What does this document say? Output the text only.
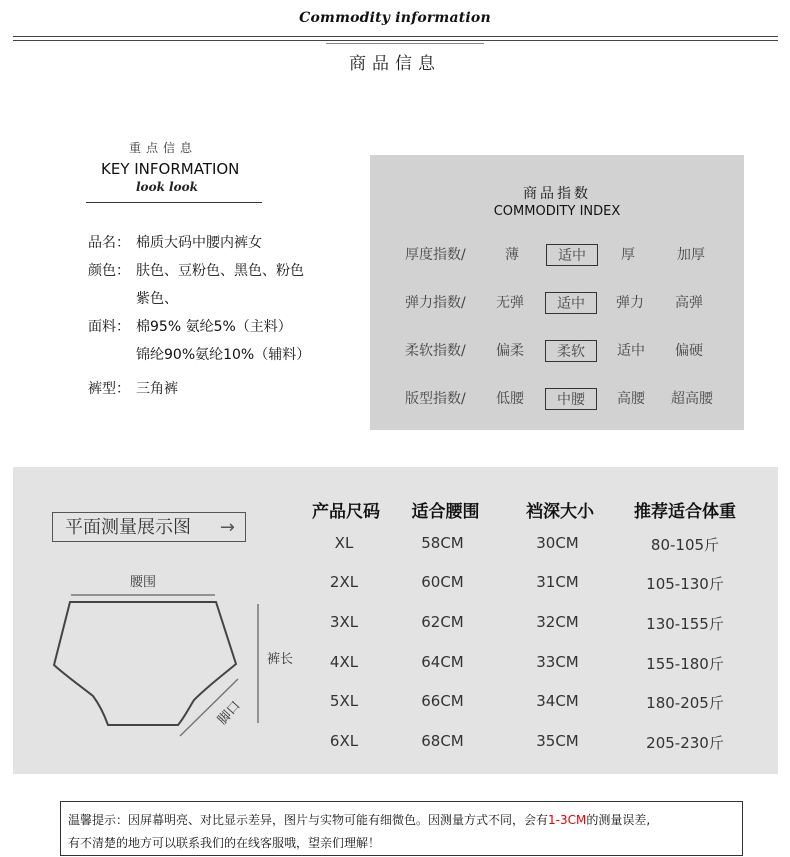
Commodity information
商品信息
重点信息
KEY INFORMATION
look look
品名： 棉质大码中腰内裤女
颜色： 肤色、豆粉色、黑色、粉色
紫色、
面料： 棉95% 氨纶5%（主料）
锦纶90%氨纶10%（辅料）
裤型： 三角裤
商品指数
COMMODITY INDEX
厚度指数/	薄	适中	厚	加厚
弹力指数/	无弹	适中	弹力	高弹
柔软指数/	偏柔	柔软	适中	偏硬
版型指数/	低腰	中腰	高腰	超高腰
平面测量展示图 →
腰围
裤长
脚口
产品尺码	适合腰围	裆深大小	推荐适合体重
XL	58CM	30CM	80-105斤
2XL	60CM	31CM	105-130斤
3XL	62CM	32CM	130-155斤
4XL	64CM	33CM	155-180斤
5XL	66CM	34CM	180-205斤
6XL	68CM	35CM	205-230斤
温馨提示：因屏幕明亮、对比显示差异，图片与实物可能有细微色。因测量方式不同，会有1-3CM的测量误差,
有不清楚的地方可以联系我们的在线客服哦，望亲们理解！
